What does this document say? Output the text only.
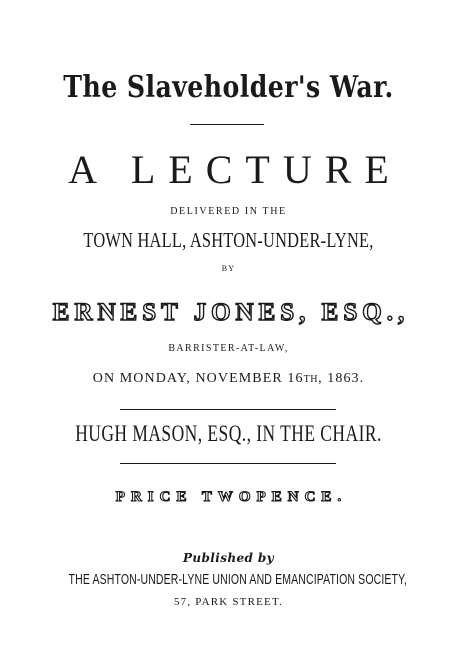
The Slaveholder's War.
A LECTURE
DELIVERED IN THE
TOWN HALL, ASHTON-UNDER-LYNE,
BY
ERNEST JONES, ESQ.,
BARRISTER-AT-LAW,
ON MONDAY, NOVEMBER 16TH, 1863.
HUGH MASON, ESQ., IN THE CHAIR.
PRICE TWOPENCE.
Published by
THE ASHTON-UNDER-LYNE UNION AND EMANCIPATION SOCIETY,
57, PARK STREET.
